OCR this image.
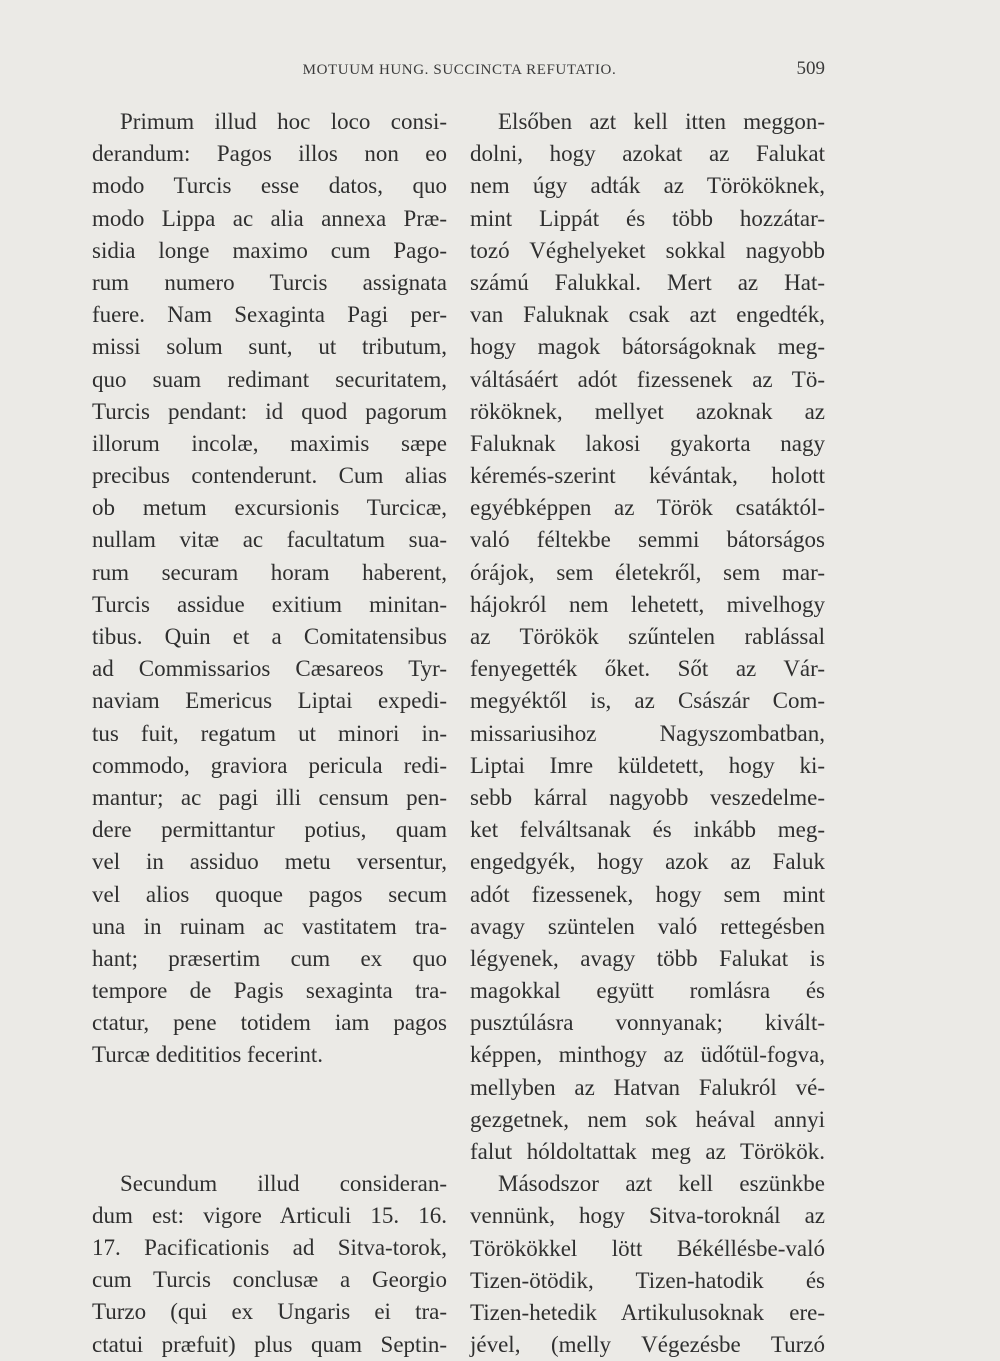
MOTUUM HUNG. SUCCINCTA REFUTATIO.	509
Primum illud hoc loco consi-
derandum: Pagos illos non eo
modo Turcis esse datos, quo
modo Lippa ac alia annexa Præ-
sidia longe maximo cum Pago-
rum numero Turcis assignata
fuere. Nam Sexaginta Pagi per-
missi solum sunt, ut tributum,
quo suam redimant securitatem,
Turcis pendant: id quod pagorum
illorum incolæ, maximis sæpe
precibus contenderunt. Cum alias
ob metum excursionis Turcicæ,
nullam vitæ ac facultatum sua-
rum securam horam haberent,
Turcis assidue exitium minitan-
tibus. Quin et a Comitatensibus
ad Commissarios Cæsareos Tyr-
naviam Emericus Liptai expedi-
tus fuit, regatum ut minori in-
commodo, graviora pericula redi-
mantur; ac pagi illi censum pen-
dere permittantur potius, quam
vel in assiduo metu versentur,
vel alios quoque pagos secum
una in ruinam ac vastitatem tra-
hant; præsertim cum ex quo
tempore de Pagis sexaginta tra-
ctatur, pene totidem iam pagos
Turcæ dedititios fecerint.
Secundum illud consideran-
dum est: vigore Articuli 15. 16.
17. Pacificationis ad Sitva-torok,
cum Turcis conclusæ a Georgio
Turzo (qui ex Ungaris ei tra-
ctatui præfuit) plus quam Septin-
Elsőben azt kell itten meggon-
dolni, hogy azokat az Falukat
nem úgy adták az Törököknek,
mint Lippát és több hozzátar-
tozó Véghelyeket sokkal nagyobb
számú Falukkal. Mert az Hat-
van Faluknak csak azt engedték,
hogy magok bátorságoknak meg-
váltásáért adót fizessenek az Tö-
rököknek, mellyet azoknak az
Faluknak lakosi gyakorta nagy
kéremés-szerint kévántak, holott
egyébképpen az Török csatáktól-
való féltekbe semmi bátorságos
órájok, sem életekről, sem mar-
hájokról nem lehetett, mivelhogy
az Törökök szűntelen rablással
fenyegették őket. Sőt az Vár-
megyéktől is, az Császár Com-
missariusihoz Nagyszombatban,
Liptai Imre küldetett, hogy ki-
sebb kárral nagyobb veszedelme-
ket felváltsanak és inkább meg-
engedgyék, hogy azok az Faluk
adót fizessenek, hogy sem mint
avagy szüntelen való rettegésben
légyenek, avagy több Falukat is
magokkal együtt romlásra és
pusztúlásra vonnyanak; kivált-
képpen, minthogy az üdőtül-fogva,
mellyben az Hatvan Falukról vé-
gezgetnek, nem sok heával annyi
falut hóldoltattak meg az Törökök.
Másodszor azt kell eszünkbe
vennünk, hogy Sitva-toroknál az
Törökökkel lött Békéllésbe-való
Tizen-ötödik, Tizen-hatodik és
Tizen-hetedik Artikulusoknak ere-
jével, (melly Végezésbe Turzó
